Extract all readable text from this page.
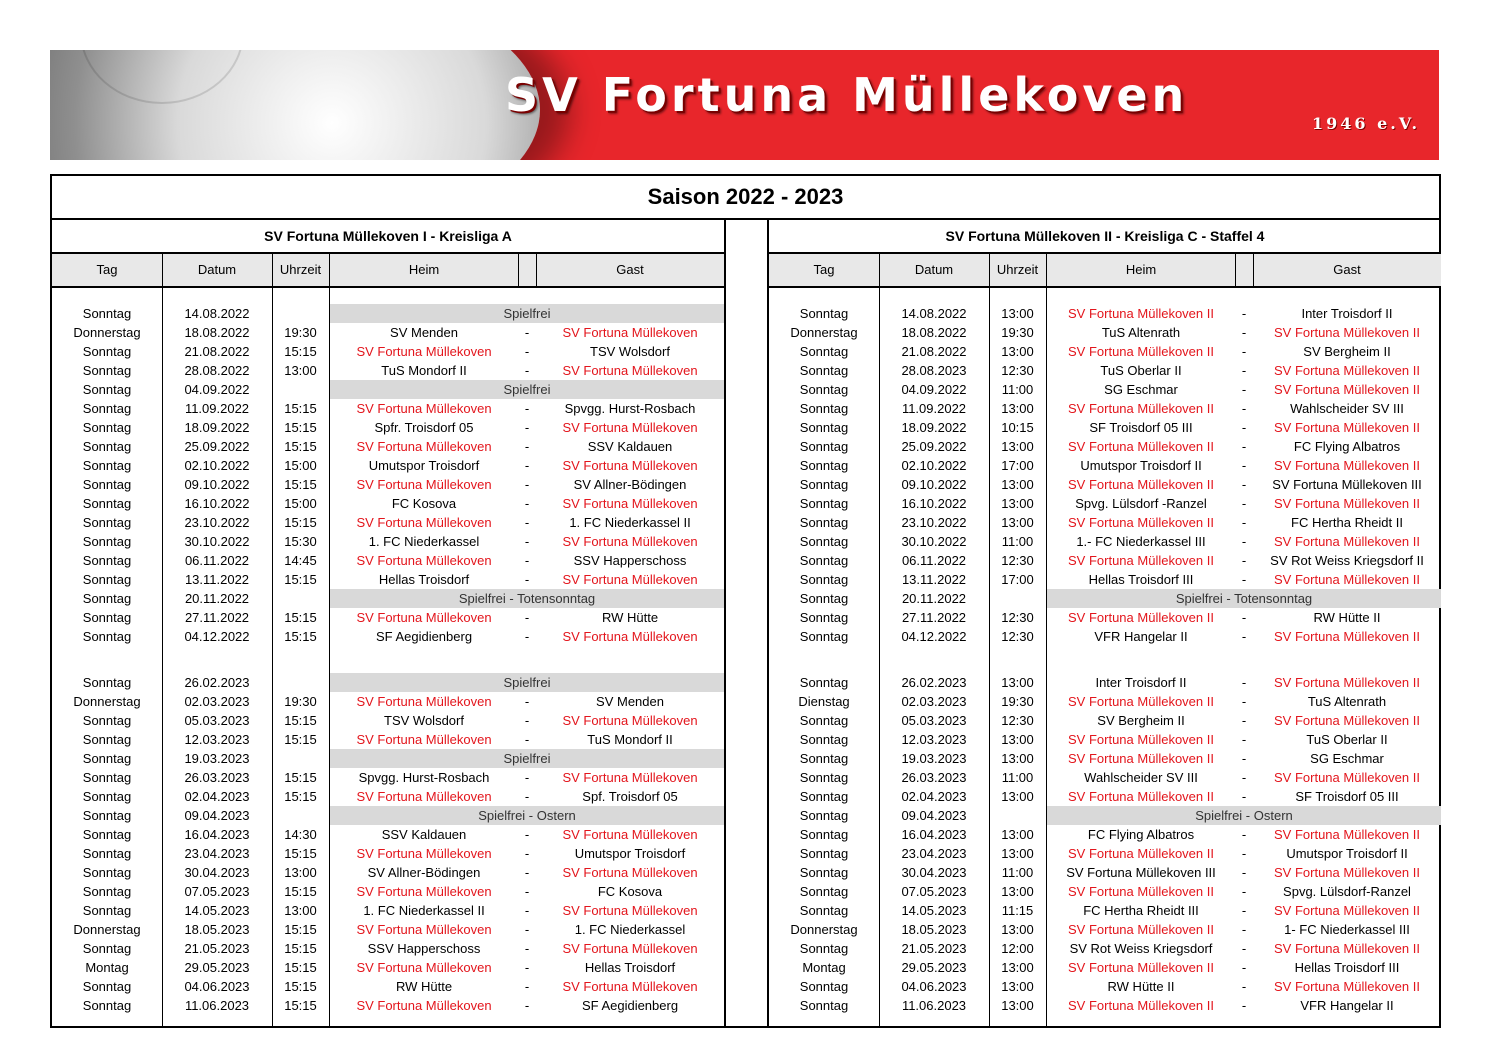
SV Fortuna Müllekoven
1946 e.V.
Saison 2022 - 2023
SV Fortuna Müllekoven I - Kreisliga A
Tag	Datum	Uhrzeit	Heim	Gast
Sonntag	14.08.2022	Spielfrei
Donnerstag	18.08.2022	19:30	SV Menden	-	SV Fortuna Müllekoven
Sonntag	21.08.2022	15:15	SV Fortuna Müllekoven	-	TSV Wolsdorf
Sonntag	28.08.2022	13:00	TuS Mondorf II	-	SV Fortuna Müllekoven
Sonntag	04.09.2022	Spielfrei
Sonntag	11.09.2022	15:15	SV Fortuna Müllekoven	-	Spvgg. Hurst-Rosbach
Sonntag	18.09.2022	15:15	Spfr. Troisdorf 05	-	SV Fortuna Müllekoven
Sonntag	25.09.2022	15:15	SV Fortuna Müllekoven	-	SSV Kaldauen
Sonntag	02.10.2022	15:00	Umutspor Troisdorf	-	SV Fortuna Müllekoven
Sonntag	09.10.2022	15:15	SV Fortuna Müllekoven	-	SV Allner-Bödingen
Sonntag	16.10.2022	15:00	FC Kosova	-	SV Fortuna Müllekoven
Sonntag	23.10.2022	15:15	SV Fortuna Müllekoven	-	1. FC Niederkassel II
Sonntag	30.10.2022	15:30	1. FC Niederkassel	-	SV Fortuna Müllekoven
Sonntag	06.11.2022	14:45	SV Fortuna Müllekoven	-	SSV Happerschoss
Sonntag	13.11.2022	15:15	Hellas Troisdorf	-	SV Fortuna Müllekoven
Sonntag	20.11.2022	Spielfrei - Totensonntag
Sonntag	27.11.2022	15:15	SV Fortuna Müllekoven	-	RW Hütte
Sonntag	04.12.2022	15:15	SF Aegidienberg	-	SV Fortuna Müllekoven
Sonntag	26.02.2023	Spielfrei
Donnerstag	02.03.2023	19:30	SV Fortuna Müllekoven	-	SV Menden
Sonntag	05.03.2023	15:15	TSV Wolsdorf	-	SV Fortuna Müllekoven
Sonntag	12.03.2023	15:15	SV Fortuna Müllekoven	-	TuS Mondorf II
Sonntag	19.03.2023	Spielfrei
Sonntag	26.03.2023	15:15	Spvgg. Hurst-Rosbach	-	SV Fortuna Müllekoven
Sonntag	02.04.2023	15:15	SV Fortuna Müllekoven	-	Spf. Troisdorf 05
Sonntag	09.04.2023	Spielfrei - Ostern
Sonntag	16.04.2023	14:30	SSV Kaldauen	-	SV Fortuna Müllekoven
Sonntag	23.04.2023	15:15	SV Fortuna Müllekoven	-	Umutspor Troisdorf
Sonntag	30.04.2023	13:00	SV Allner-Bödingen	-	SV Fortuna Müllekoven
Sonntag	07.05.2023	15:15	SV Fortuna Müllekoven	-	FC Kosova
Sonntag	14.05.2023	13:00	1. FC Niederkassel II	-	SV Fortuna Müllekoven
Donnerstag	18.05.2023	15:15	SV Fortuna Müllekoven	-	1. FC Niederkassel
Sonntag	21.05.2023	15:15	SSV Happerschoss	-	SV Fortuna Müllekoven
Montag	29.05.2023	15:15	SV Fortuna Müllekoven	-	Hellas Troisdorf
Sonntag	04.06.2023	15:15	RW Hütte	-	SV Fortuna Müllekoven
Sonntag	11.06.2023	15:15	SV Fortuna Müllekoven	-	SF Aegidienberg
SV Fortuna Müllekoven II - Kreisliga C - Staffel 4
Tag	Datum	Uhrzeit	Heim	Gast
Sonntag	14.08.2022	13:00	SV Fortuna Müllekoven II	-	Inter Troisdorf II
Donnerstag	18.08.2022	19:30	TuS Altenrath	-	SV Fortuna Müllekoven II
Sonntag	21.08.2022	13:00	SV Fortuna Müllekoven II	-	SV Bergheim II
Sonntag	28.08.2023	12:30	TuS Oberlar II	-	SV Fortuna Müllekoven II
Sonntag	04.09.2022	11:00	SG Eschmar	-	SV Fortuna Müllekoven II
Sonntag	11.09.2022	13:00	SV Fortuna Müllekoven II	-	Wahlscheider SV III
Sonntag	18.09.2022	10:15	SF Troisdorf 05 III	-	SV Fortuna Müllekoven II
Sonntag	25.09.2022	13:00	SV Fortuna Müllekoven II	-	FC Flying Albatros
Sonntag	02.10.2022	17:00	Umutspor Troisdorf II	-	SV Fortuna Müllekoven II
Sonntag	09.10.2022	13:00	SV Fortuna Müllekoven II	-	SV Fortuna Müllekoven III
Sonntag	16.10.2022	13:00	Spvg. Lülsdorf -Ranzel	-	SV Fortuna Müllekoven II
Sonntag	23.10.2022	13:00	SV Fortuna Müllekoven II	-	FC Hertha Rheidt II
Sonntag	30.10.2022	11:00	1.- FC Niederkassel III	-	SV Fortuna Müllekoven II
Sonntag	06.11.2022	12:30	SV Fortuna Müllekoven II	-	SV Rot Weiss Kriegsdorf II
Sonntag	13.11.2022	17:00	Hellas Troisdorf III	-	SV Fortuna Müllekoven II
Sonntag	20.11.2022	Spielfrei - Totensonntag
Sonntag	27.11.2022	12:30	SV Fortuna Müllekoven II	-	RW Hütte II
Sonntag	04.12.2022	12:30	VFR Hangelar II	-	SV Fortuna Müllekoven II
Sonntag	26.02.2023	13:00	Inter Troisdorf II	-	SV Fortuna Müllekoven II
Dienstag	02.03.2023	19:30	SV Fortuna Müllekoven II	-	TuS Altenrath
Sonntag	05.03.2023	12:30	SV Bergheim II	-	SV Fortuna Müllekoven II
Sonntag	12.03.2023	13:00	SV Fortuna Müllekoven II	-	TuS Oberlar II
Sonntag	19.03.2023	13:00	SV Fortuna Müllekoven II	-	SG Eschmar
Sonntag	26.03.2023	11:00	Wahlscheider SV III	-	SV Fortuna Müllekoven II
Sonntag	02.04.2023	13:00	SV Fortuna Müllekoven II	-	SF Troisdorf 05 III
Sonntag	09.04.2023	Spielfrei - Ostern
Sonntag	16.04.2023	13:00	FC Flying Albatros	-	SV Fortuna Müllekoven II
Sonntag	23.04.2023	13:00	SV Fortuna Müllekoven II	-	Umutspor Troisdorf II
Sonntag	30.04.2023	11:00	SV Fortuna Müllekoven III	-	SV Fortuna Müllekoven II
Sonntag	07.05.2023	13:00	SV Fortuna Müllekoven II	-	Spvg. Lülsdorf-Ranzel
Sonntag	14.05.2023	11:15	FC Hertha Rheidt III	-	SV Fortuna Müllekoven II
Donnerstag	18.05.2023	13:00	SV Fortuna Müllekoven II	-	1- FC Niederkassel III
Sonntag	21.05.2023	12:00	SV Rot Weiss Kriegsdorf	-	SV Fortuna Müllekoven II
Montag	29.05.2023	13:00	SV Fortuna Müllekoven II	-	Hellas Troisdorf III
Sonntag	04.06.2023	13:00	RW Hütte II	-	SV Fortuna Müllekoven II
Sonntag	11.06.2023	13:00	SV Fortuna Müllekoven II	-	VFR Hangelar II
